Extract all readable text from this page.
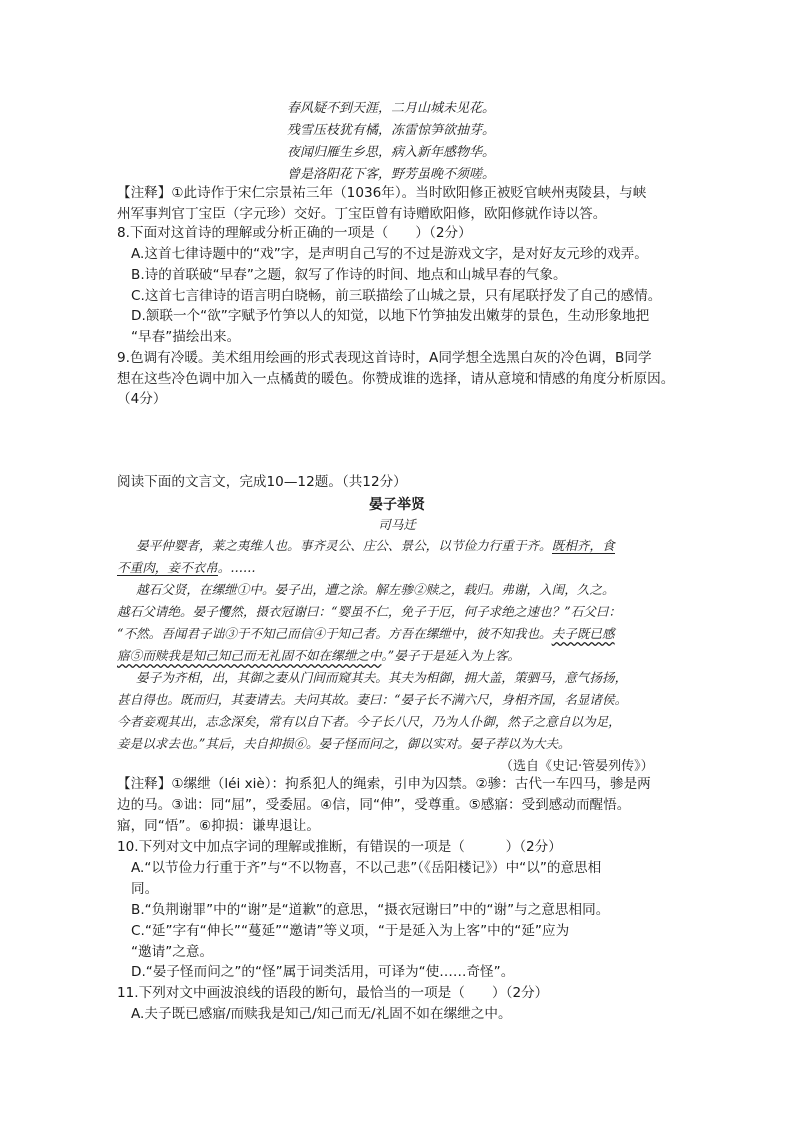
春风疑不到天涯，二月山城未见花。
残雪压枝犹有橘，冻雷惊笋欲抽芽。
夜闻归雁生乡思，病入新年感物华。
曾是洛阳花下客，野芳虽晚不须嗟。
【注释】①此诗作于宋仁宗景祐三年（1036年）。当时欧阳修正被贬官峡州夷陵县，与峡
州军事判官丁宝臣（字元珍）交好。丁宝臣曾有诗赠欧阳修，欧阳修就作诗以答。
8.下面对这首诗的理解或分析正确的一项是（　　）（2分）
A.这首七律诗题中的“戏”字，是声明自己写的不过是游戏文字，是对好友元珍的戏弄。
B.诗的首联破“早春”之题，叙写了作诗的时间、地点和山城早春的气象。
C.这首七言律诗的语言明白晓畅，前三联描绘了山城之景，只有尾联抒发了自己的感情。
D.颔联一个“欲”字赋予竹笋以人的知觉，以地下竹笋抽发出嫩芽的景色，生动形象地把
“早春”描绘出来。
9.色调有冷暖。美术组用绘画的形式表现这首诗时，A同学想全选黑白灰的冷色调，B同学
想在这些冷色调中加入一点橘黄的暖色。你赞成谁的选择，请从意境和情感的角度分析原因。
（4分）
阅读下面的文言文，完成10—12题。（共12分）
晏子举贤
司马迁
晏平仲婴者，莱之夷维人也。事齐灵公、庄公、景公，以节俭力行重于齐。既相齐，食
不重肉，妾不衣帛。……
越石父贤，在缧绁①中。晏子出，遭之涂。解左骖②赎之，载归。弗谢，入闺，久之。
越石父请绝。晏子戄然，摄衣冠谢曰：“婴虽不仁，免子于厄，何子求绝之速也？”石父曰：
“不然。吾闻君子诎③于不知己而信④于知己者。方吾在缧绁中，彼不知我也。夫子既已感
寤⑤而赎我是知己知己而无礼固不如在缧绁之中。”晏子于是延入为上客。
晏子为齐相，出，其御之妻从门间而窥其夫。其夫为相御，拥大盖，策驷马，意气扬扬，
甚自得也。既而归，其妻请去。夫问其故。妻曰：“晏子长不满六尺，身相齐国，名显诸侯。
今者妾观其出，志念深矣，常有以自下者。今子长八尺，乃为人仆御，然子之意自以为足，
妾是以求去也。”其后，夫自抑损⑥。晏子怪而问之，御以实对。晏子荐以为大夫。
（选自《史记·管晏列传》）
【注释】①缧绁（léi xiè）：拘系犯人的绳索，引申为囚禁。②骖：古代一车四马，骖是两
边的马。③诎：同“屈”，受委屈。④信，同“伸”，受尊重。⑤感寤：受到感动而醒悟。
寤，同“悟”。⑥抑损：谦卑退让。
10.下列对文中加点字词的理解或推断，有错误的一项是（　　　）（2分）
A.“以节俭力行重于齐”与“不以物喜，不以己悲”（《岳阳楼记》）中“以”的意思相
同。
B.“负荆谢罪”中的“谢”是“道歉”的意思，“摄衣冠谢曰”中的“谢”与之意思相同。
C.“延”字有“伸长”“蔓延”“邀请”等义项，“于是延入为上客”中的“延”应为
“邀请”之意。
D.“晏子怪而问之”的“怪”属于词类活用，可译为“使……奇怪”。
11.下列对文中画波浪线的语段的断句，最恰当的一项是（　　）（2分）
A.夫子既已感寤/而赎我是知己/知己而无/礼固不如在缧绁之中。
